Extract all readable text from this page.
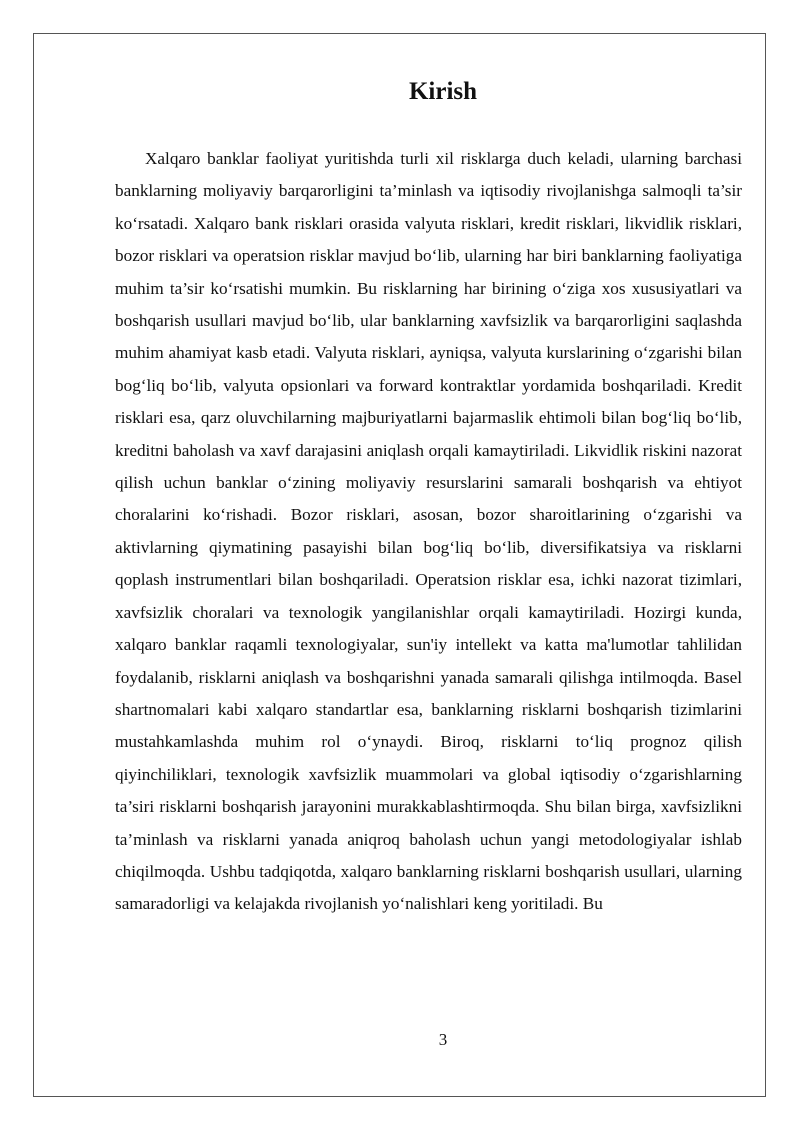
Kirish

Xalqaro banklar faoliyat yuritishda turli xil risklarga duch keladi, ularning barchasi banklarning moliyaviy barqarorligini ta’minlash va iqtisodiy rivojlanishga salmoqli ta’sir ko‘rsatadi. Xalqaro bank risklari orasida valyuta risklari, kredit risklari, likvidlik risklari, bozor risklari va operatsion risklar mavjud bo‘lib, ularning har biri banklarning faoliyatiga muhim ta’sir ko‘rsatishi mumkin. Bu risklarning har birining o‘ziga xos xususiyatlari va boshqarish usullari mavjud bo‘lib, ular banklarning xavfsizlik va barqarorligini saqlashda muhim ahamiyat kasb etadi. Valyuta risklari, ayniqsa, valyuta kurslarining o‘zgarishi bilan bog‘liq bo‘lib, valyuta opsionlari va forward kontraktlar yordamida boshqariladi. Kredit risklari esa, qarz oluvchilarning majburiyatlarni bajarmaslik ehtimoli bilan bog‘liq bo‘lib, kreditni baholash va xavf darajasini aniqlash orqali kamaytiriladi. Likvidlik riskini nazorat qilish uchun banklar o‘zining moliyaviy resurslarini samarali boshqarish va ehtiyot choralarini ko‘rishadi. Bozor risklari, asosan, bozor sharoitlarining o‘zgarishi va aktivlarning qiymatining pasayishi bilan bog‘liq bo‘lib, diversifikatsiya va risklarni qoplash instrumentlari bilan boshqariladi. Operatsion risklar esa, ichki nazorat tizimlari, xavfsizlik choralari va texnologik yangilanishlar orqali kamaytiriladi. Hozirgi kunda, xalqaro banklar raqamli texnologiyalar, sun'iy intellekt va katta ma'lumotlar tahlilidan foydalanib, risklarni aniqlash va boshqarishni yanada samarali qilishga intilmoqda. Basel shartnomalari kabi xalqaro standartlar esa, banklarning risklarni boshqarish tizimlarini mustahkamlashda muhim rol o‘ynaydi. Biroq, risklarni to‘liq prognoz qilish qiyinchiliklari, texnologik xavfsizlik muammolari va global iqtisodiy o‘zgarishlarning ta’siri risklarni boshqarish jarayonini murakkablashtirmoqda. Shu bilan birga, xavfsizlikni ta’minlash va risklarni yanada aniqroq baholash uchun yangi metodologiyalar ishlab chiqilmoqda. Ushbu tadqiqotda, xalqaro banklarning risklarni boshqarish usullari, ularning samaradorligi va kelajakda rivojlanish yo‘nalishlari keng yoritiladi. Bu

3
